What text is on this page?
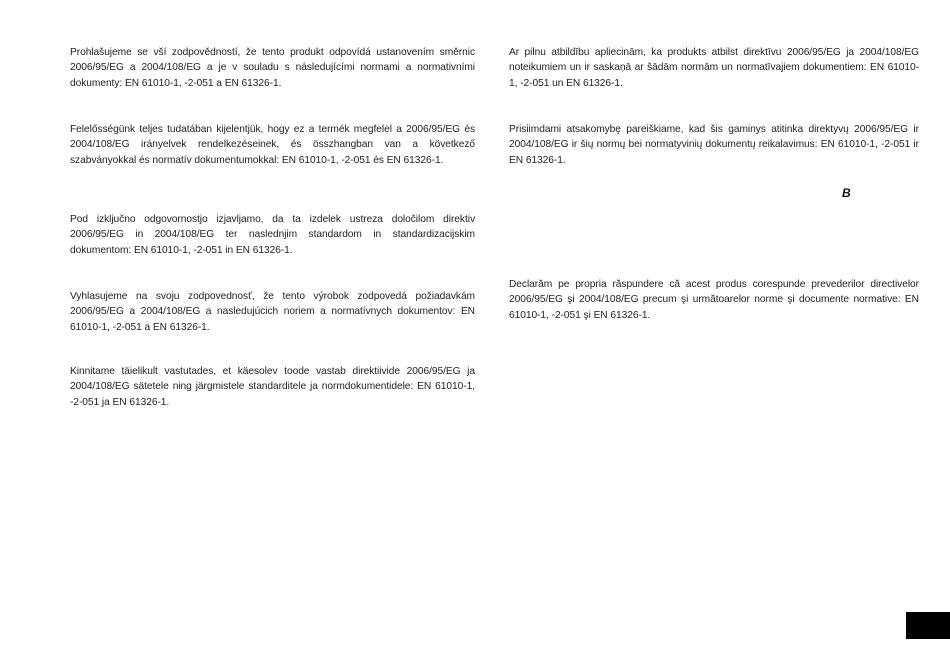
Prohlašujeme se vší zodpovědností, že tento produkt odpovídá ustanovením směrnic 2006/95/EG a 2004/108/EG a je v souladu s následujícími normami a normativními dokumenty: EN 61010-1, -2-051 a EN 61326-1.

Felelősségünk teljes tudatában kijelentjük, hogy ez a termék megfelel a 2006/95/EG és 2004/108/EG irányelvek rendelkezéseinek, és összhangban van a következő szabványokkal és normatív dokumentumokkal: EN 61010-1, -2-051 és EN 61326-1.

Pod izključno odgovornostjo izjavljamo, da ta izdelek ustreza določilom direktiv 2006/95/EG in 2004/108/EG ter naslednjim standardom in standardizacijskim dokumentom: EN 61010-1, -2-051 in EN 61326-1.

Vyhlasujeme na svoju zodpovednosť, že tento výrobok zodpovedá požiadavkám 2006/95/EG a 2004/108/EG a nasledujúcich noriem a normatívnych dokumentov: EN 61010-1, -2-051 a EN 61326-1.

Kinnitame täielikult vastutades, et käesolev toode vastab direktiivide 2006/95/EG ja 2004/108/EG sätetele ning järgmistele standarditele ja normdokumentidele: EN 61010-1, -2-051 ja EN 61326-1.

Ar pilnu atbildību apliecinām, ka produkts atbilst direktīvu 2006/95/EG ja 2004/108/EG noteikumiem un ir saskaņā ar šādām normām un normatīvajiem dokumentiem: EN 61010-1, -2-051 un EN 61326-1.

Prisiimdami atsakomybę pareiškiame, kad šis gaminys atitinka direktyvų 2006/95/EG ir 2004/108/EG ir šių normų bei normatyvinių dokumentų reikalavimus: EN 61010-1, -2-051 ir EN 61326-1.

Declarăm pe propria răspundere că acest produs corespunde prevederilor directivelor 2006/95/EG şi 2004/108/EG precum şi următoarelor norme şi documente normative: EN 61010-1, -2-051 şi EN 61326-1.

B
